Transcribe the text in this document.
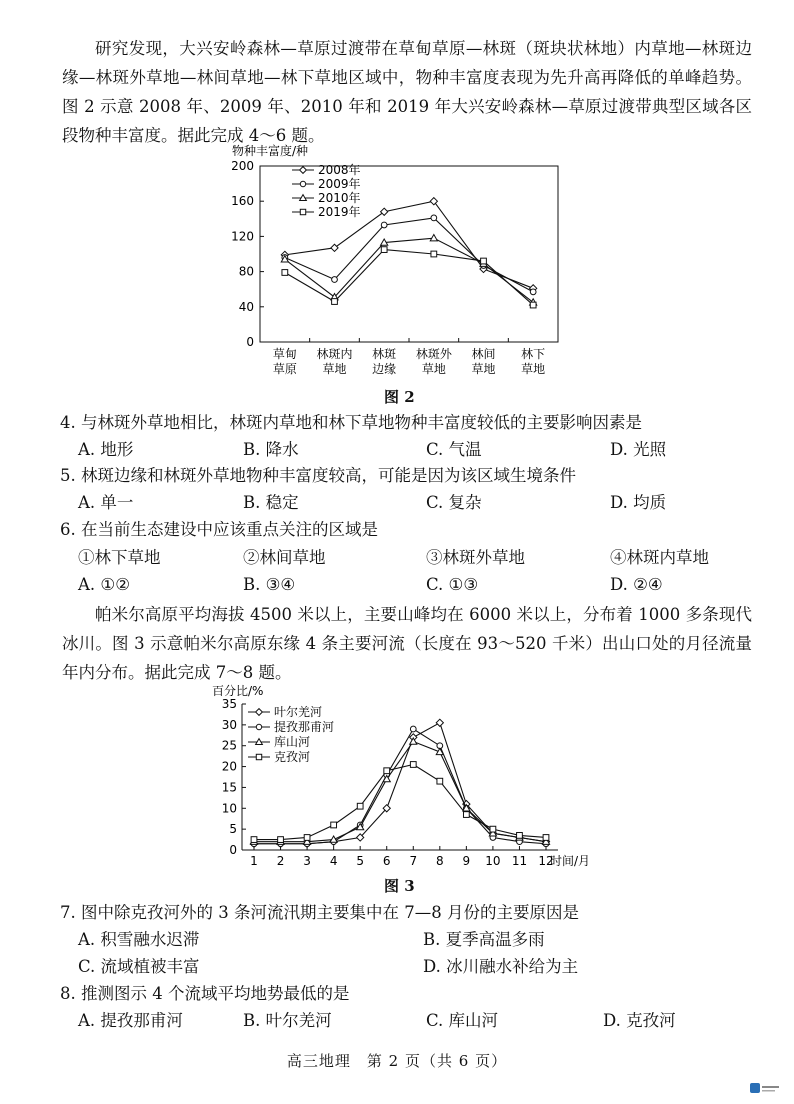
研究发现，大兴安岭森林—草原过渡带在草甸草原—林斑（斑块状林地）内草地—林斑边缘—林斑外草地—林间草地—林下草地区域中，物种丰富度表现为先升高再降低的单峰趋势。图 2 示意 2008 年、2009 年、2010 年和 2019 年大兴安岭森林—草原过渡带典型区域各区段物种丰富度。据此完成 4～6 题。

物种丰富度/种
0
40
80
120
160
200
草甸
草原
林斑内
草地
林斑
边缘
林斑外
草地
林间
草地
林下
草地
2008年
2009年
2010年
2019年
图 2
4. 与林斑外草地相比，林斑内草地和林下草地物种丰富度较低的主要影响因素是
A. 地形	B. 降水	C. 气温	D. 光照
5. 林斑边缘和林斑外草地物种丰富度较高，可能是因为该区域生境条件
A. 单一	B. 稳定	C. 复杂	D. 均质
6. 在当前生态建设中应该重点关注的区域是
①林下草地	②林间草地	③林斑外草地	④林斑内草地
A. ①②	B. ③④	C. ①③	D. ②④

帕米尔高原平均海拔 4500 米以上，主要山峰均在 6000 米以上，分布着 1000 多条现代冰川。图 3 示意帕米尔高原东缘 4 条主要河流（长度在 93～520 千米）出山口处的月径流量年内分布。据此完成 7～8 题。

百分比/%
0
5
10
15
20
25
30
35
1 2 3 4 5 6 7 8 9 10 11 12
时间/月
叶尔羌河
提孜那甫河
库山河
克孜河
图 3
7. 图中除克孜河外的 3 条河流汛期主要集中在 7—8 月份的主要原因是
A. 积雪融水迟滞	B. 夏季高温多雨
C. 流域植被丰富	D. 冰川融水补给为主
8. 推测图示 4 个流域平均地势最低的是
A. 提孜那甫河	B. 叶尔羌河	C. 库山河	D. 克孜河
高三地理　第 2 页（共 6 页）
